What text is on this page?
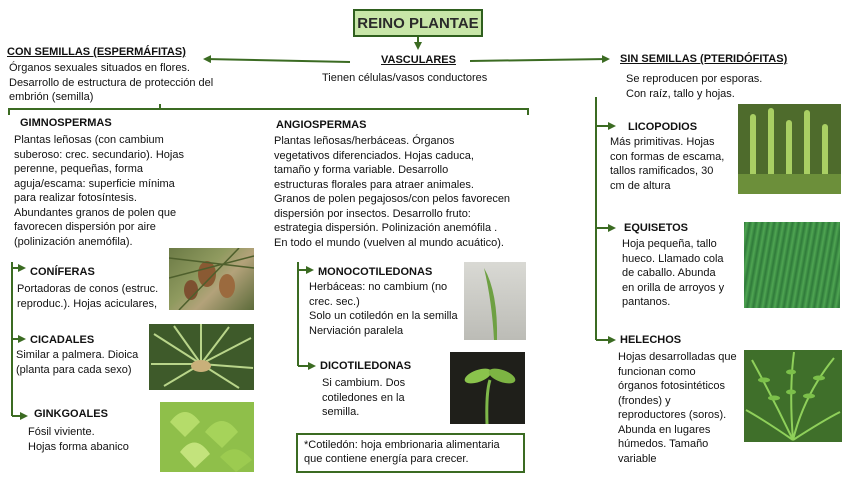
REINO PLANTAE
VASCULARES
Tienen células/vasos conductores
CON SEMILLAS (ESPERMÁFITAS)
Órganos sexuales situados en flores.
Desarrollo de estructura de protección del
embrión (semilla)
SIN SEMILLAS (PTERIDÓFITAS)
Se reproducen por esporas.
Con raíz, tallo y hojas.
GIMNOSPERMAS
Plantas leñosas (con cambium
suberoso: crec. secundario). Hojas
perenne, pequeñas, forma
aguja/escama: superficie mínima
para realizar fotosíntesis.
Abundantes granos de polen que
favorecen dispersión por aire
(polinización anemófila).
ANGIOSPERMAS
Plantas leñosas/herbáceas. Órganos
vegetativos diferenciados. Hojas caduca,
tamaño y forma variable. Desarrollo
estructuras florales para atraer animales.
Granos de polen pegajosos/con pelos favorecen
dispersión por insectos. Desarrollo fruto:
estrategia dispersión. Polinización anemófila .
En todo el mundo (vuelven al mundo acuático).
CONÍFERAS
Portadoras de conos (estruc.
reproduc.). Hojas aciculares,
CICADALES
Similar a palmera. Dioica
(planta para cada sexo)
GINKGOALES
Fósil viviente.
Hojas forma abanico
MONOCOTILEDONAS
Herbáceas: no cambium (no
crec. sec.)
Solo un cotiledón en la semilla
Nerviación paralela
DICOTILEDONAS
Si cambium. Dos
cotiledones en la
semilla.
*Cotiledón: hoja embrionaria alimentaria
que contiene energía para crecer.
LICOPODIOS
Más primitivas. Hojas
con formas de escama,
tallos ramificados, 30
cm de altura
EQUISETOS
Hoja pequeña, tallo
hueco. Llamado cola
de caballo. Abunda
en orilla de arroyos y
pantanos.
HELECHOS
Hojas desarrolladas que
funcionan como
órganos fotosintéticos
(frondes) y
reproductores (soros).
Abunda en lugares
húmedos. Tamaño
variable
